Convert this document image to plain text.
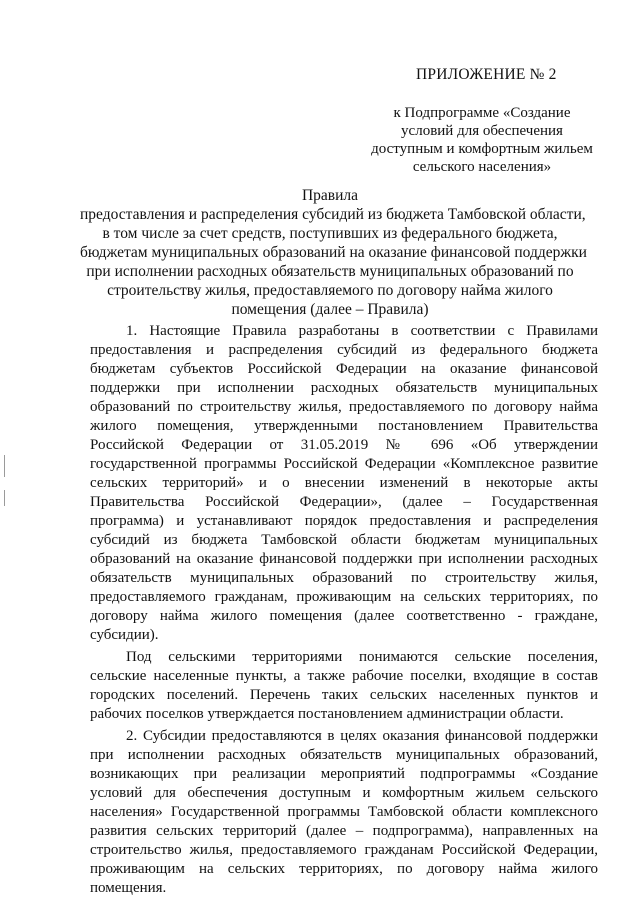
ПРИЛОЖЕНИЕ № 2
к Подпрограмме «Создание
условий для обеспечения
доступным и комфортным жильем
сельского населения»
Правила
предоставления и распределения субсидий из бюджета Тамбовской области,
в том числе за счет средств, поступивших из федерального бюджета,
бюджетам муниципальных образований на оказание финансовой поддержки
при исполнении расходных обязательств муниципальных образований по
строительству жилья, предоставляемого по договору найма жилого
помещения (далее – Правила)
1. Настоящие Правила разработаны в соответствии с Правилами
предоставления и распределения субсидий из федерального бюджета
бюджетам субъектов Российской Федерации на оказание финансовой
поддержки при исполнении расходных обязательств муниципальных
образований по строительству жилья, предоставляемого по договору найма
жилого помещения, утвержденными постановлением Правительства
Российской Федерации от 31.05.2019 № 696 «Об утверждении
государственной программы Российской Федерации «Комплексное развитие
сельских территорий» и о внесении изменений в некоторые акты
Правительства Российской Федерации», (далее – Государственная
программа) и устанавливают порядок предоставления и распределения
субсидий из бюджета Тамбовской области бюджетам муниципальных
образований на оказание финансовой поддержки при исполнении расходных
обязательств муниципальных образований по строительству жилья,
предоставляемого гражданам, проживающим на сельских территориях, по
договору найма жилого помещения (далее соответственно - граждане,
субсидии).
Под сельскими территориями понимаются сельские поселения,
сельские населенные пункты, а также рабочие поселки, входящие в состав
городских поселений. Перечень таких сельских населенных пунктов и
рабочих поселков утверждается постановлением администрации области.
2. Субсидии предоставляются в целях оказания финансовой поддержки
при исполнении расходных обязательств муниципальных образований,
возникающих при реализации мероприятий подпрограммы «Создание
условий для обеспечения доступным и комфортным жильем сельского
населения» Государственной программы Тамбовской области комплексного
развития сельских территорий (далее – подпрограмма), направленных на
строительство жилья, предоставляемого гражданам Российской Федерации,
проживающим на сельских территориях, по договору найма жилого
помещения.
